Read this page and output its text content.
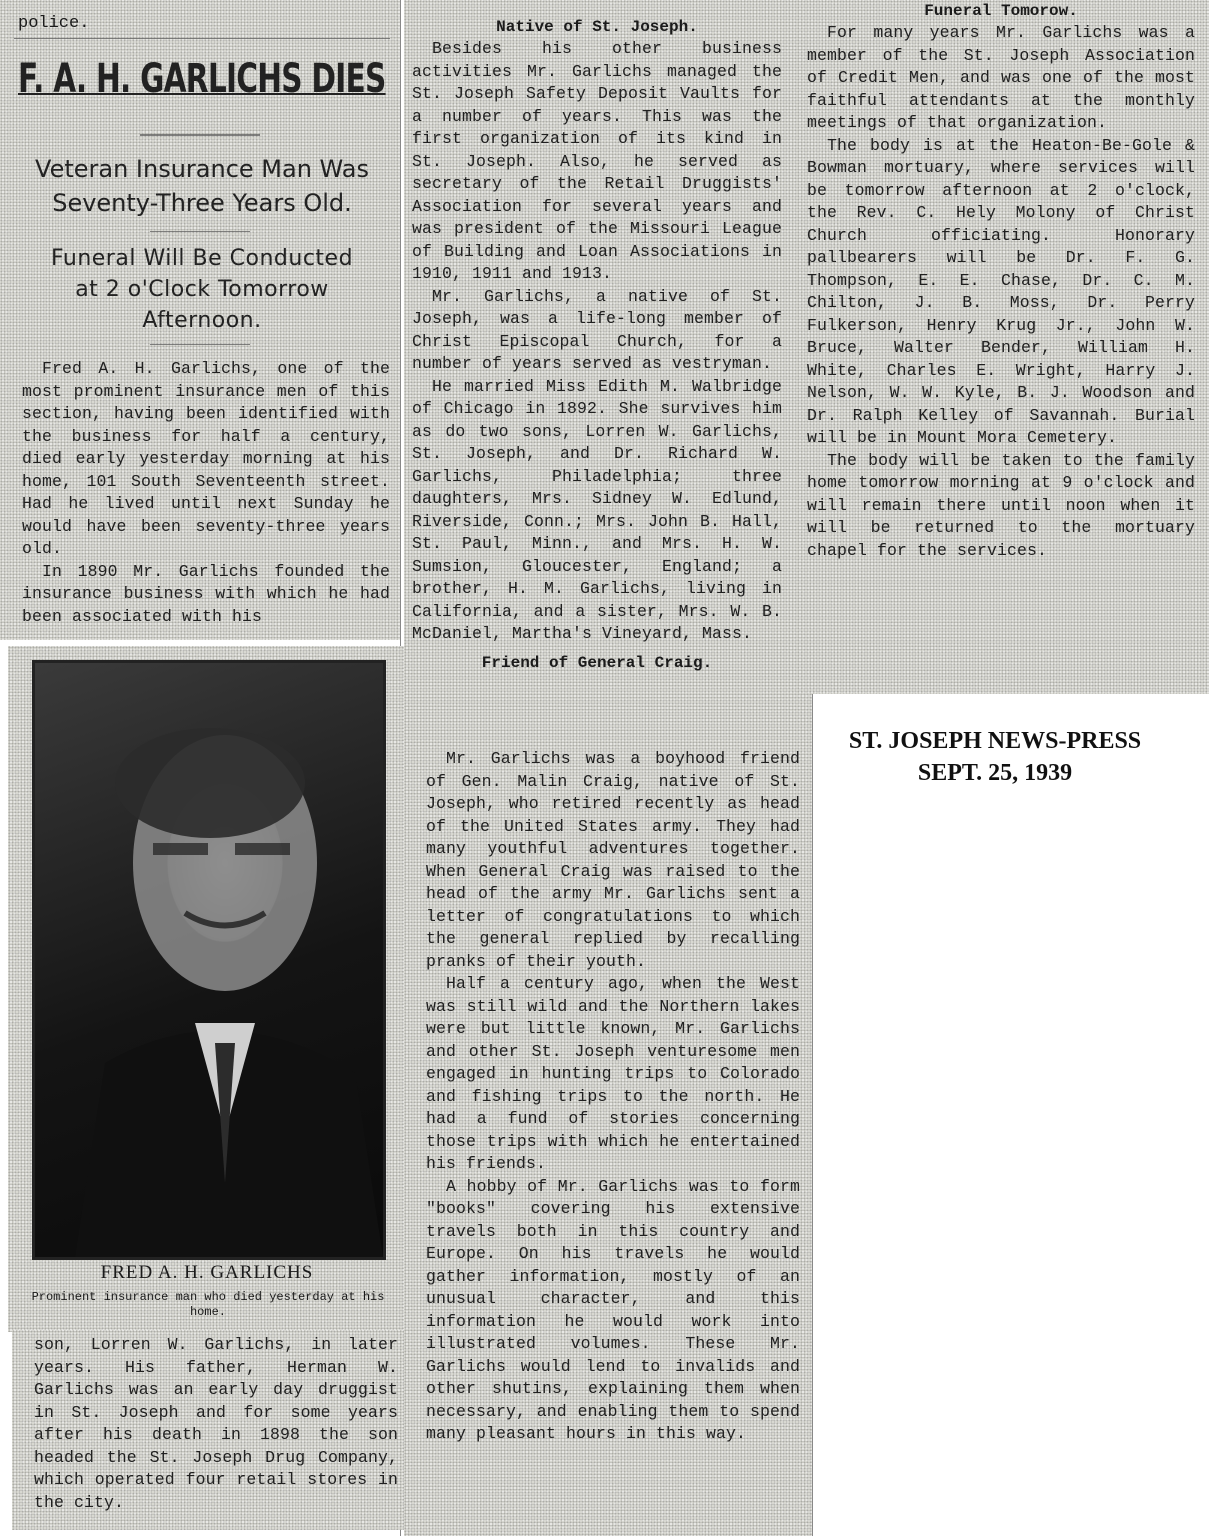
police.
F. A. H. GARLICHS DIES
Veteran Insurance Man Was
Seventy-Three Years Old.
Funeral Will Be Conducted
at 2 o'Clock Tomorrow
Afternoon.

Fred A. H. Garlichs, one of the most prominent insurance men of this section, having been identified with the business for half a century, died early yesterday morning at his home, 101 South Seventeenth street. Had he lived until next Sunday he would have been seventy-three years old.

In 1890 Mr. Garlichs founded the insurance business with which he had been associated with his

FRED A. H. GARLICHS
Prominent insurance man who died yesterday at his home.

son, Lorren W. Garlichs, in later years. His father, Herman W. Garlichs was an early day druggist in St. Joseph and for some years after his death in 1898 the son headed the St. Joseph Drug Company, which operated four retail stores in the city.

Native of St. Joseph.

Besides his other business activities Mr. Garlichs managed the St. Joseph Safety Deposit Vaults for a number of years. This was the first organization of its kind in St. Joseph. Also, he served as secretary of the Retail Druggists' Association for several years and was president of the Missouri League of Building and Loan Associations in 1910, 1911 and 1913.

Mr. Garlichs, a native of St. Joseph, was a life-long member of Christ Episcopal Church, for a number of years served as vestryman.

He married Miss Edith M. Walbridge of Chicago in 1892. She survives him as do two sons, Lorren W. Garlichs, St. Joseph, and Dr. Richard W. Garlichs, Philadelphia; three daughters, Mrs. Sidney W. Edlund, Riverside, Conn.; Mrs. John B. Hall, St. Paul, Minn., and Mrs. H. W. Sumsion, Gloucester, England; a brother, H. M. Garlichs, living in California, and a sister, Mrs. W. B. McDaniel, Martha's Vineyard, Mass.

Friend of General Craig.

Mr. Garlichs was a boyhood friend of Gen. Malin Craig, native of St. Joseph, who retired recently as head of the United States army. They had many youthful adventures together. When General Craig was raised to the head of the army Mr. Garlichs sent a letter of congratulations to which the general replied by recalling pranks of their youth.

Half a century ago, when the West was still wild and the Northern lakes were but little known, Mr. Garlichs and other St. Joseph venturesome men engaged in hunting trips to Colorado and fishing trips to the north. He had a fund of stories concerning those trips with which he entertained his friends.

A hobby of Mr. Garlichs was to form "books" covering his extensive travels both in this country and Europe. On his travels he would gather information, mostly of an unusual character, and this information he would work into illustrated volumes. These Mr. Garlichs would lend to invalids and other shutins, explaining them when necessary, and enabling them to spend many pleasant hours in this way.

Funeral Tomorow.

For many years Mr. Garlichs was a member of the St. Joseph Association of Credit Men, and was one of the most faithful attendants at the monthly meetings of that organization.

The body is at the Heaton-Be-Gole & Bowman mortuary, where services will be tomorrow afternoon at 2 o'clock, the Rev. C. Hely Molony of Christ Church officiating. Honorary pallbearers will be Dr. F. G. Thompson, E. E. Chase, Dr. C. M. Chilton, J. B. Moss, Dr. Perry Fulkerson, Henry Krug Jr., John W. Bruce, Walter Bender, William H. White, Charles E. Wright, Harry J. Nelson, W. W. Kyle, B. J. Woodson and Dr. Ralph Kelley of Savannah. Burial will be in Mount Mora Cemetery.

The body will be taken to the family home tomorrow morning at 9 o'clock and will remain there until noon when it will be returned to the mortuary chapel for the services.

ST. JOSEPH NEWS-PRESS
SEPT. 25, 1939
